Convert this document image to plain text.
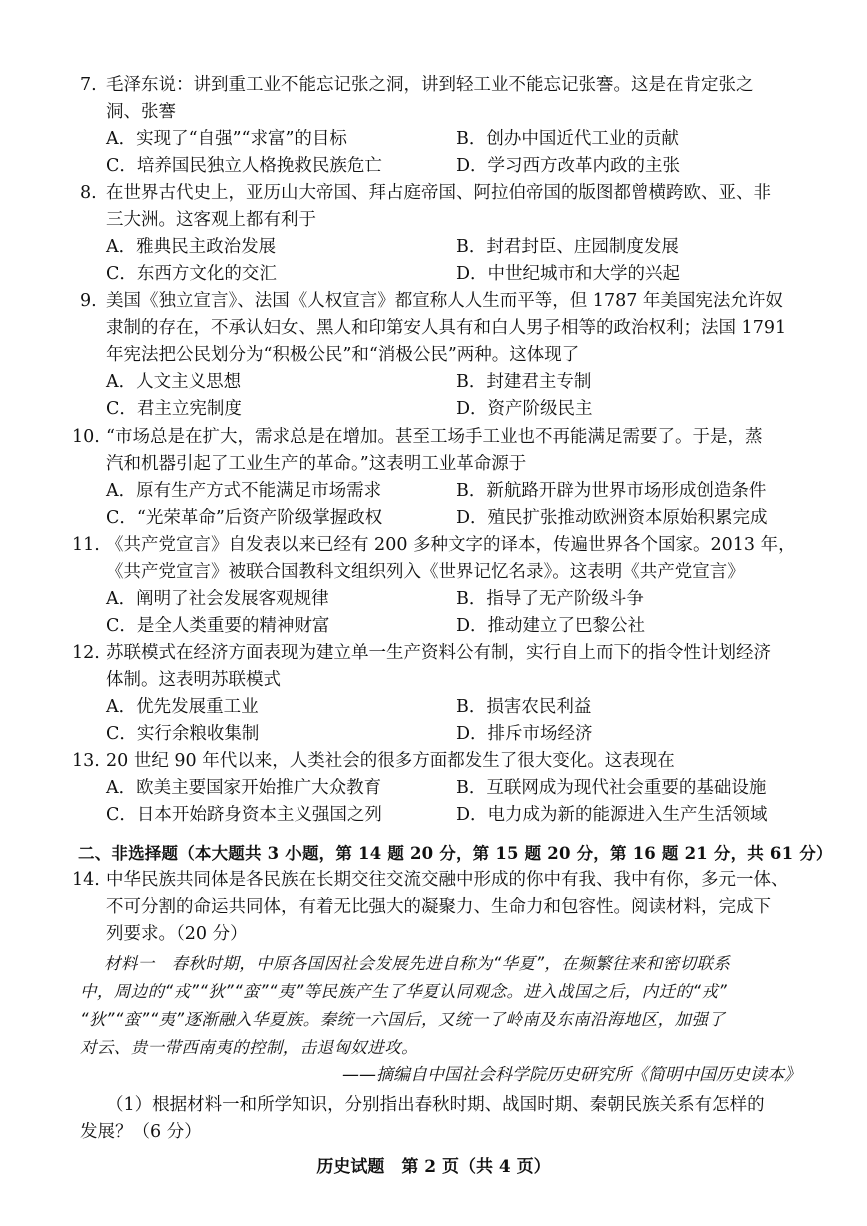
7. 毛泽东说：讲到重工业不能忘记张之洞，讲到轻工业不能忘记张謇。这是在肯定张之
洞、张謇
A．实现了“自强”“求富”的目标	B．创办中国近代工业的贡献
C．培养国民独立人格挽救民族危亡	D．学习西方改革内政的主张
8. 在世界古代史上，亚历山大帝国、拜占庭帝国、阿拉伯帝国的版图都曾横跨欧、亚、非
三大洲。这客观上都有利于
A．雅典民主政治发展	B．封君封臣、庄园制度发展
C．东西方文化的交汇	D．中世纪城市和大学的兴起
9. 美国《独立宣言》、法国《人权宣言》都宣称人人生而平等，但 1787 年美国宪法允许奴
隶制的存在，不承认妇女、黑人和印第安人具有和白人男子相等的政治权利；法国 1791
年宪法把公民划分为“积极公民”和“消极公民”两种。这体现了
A．人文主义思想	B．封建君主专制
C．君主立宪制度	D．资产阶级民主
10. “市场总是在扩大，需求总是在增加。甚至工场手工业也不再能满足需要了。于是，蒸
汽和机器引起了工业生产的革命。”这表明工业革命源于
A．原有生产方式不能满足市场需求	B．新航路开辟为世界市场形成创造条件
C．“光荣革命”后资产阶级掌握政权	D．殖民扩张推动欧洲资本原始积累完成
11. 《共产党宣言》自发表以来已经有 200 多种文字的译本，传遍世界各个国家。2013 年，
《共产党宣言》被联合国教科文组织列入《世界记忆名录》。这表明《共产党宣言》
A．阐明了社会发展客观规律	B．指导了无产阶级斗争
C．是全人类重要的精神财富	D．推动建立了巴黎公社
12. 苏联模式在经济方面表现为建立单一生产资料公有制，实行自上而下的指令性计划经济
体制。这表明苏联模式
A．优先发展重工业	B．损害农民利益
C．实行余粮收集制	D．排斥市场经济
13. 20 世纪 90 年代以来，人类社会的很多方面都发生了很大变化。这表现在
A．欧美主要国家开始推广大众教育	B．互联网成为现代社会重要的基础设施
C．日本开始跻身资本主义强国之列	D．电力成为新的能源进入生产生活领域
二、非选择题（本大题共 3 小题，第 14 题 20 分，第 15 题 20 分，第 16 题 21 分，共 61 分）
14. 中华民族共同体是各民族在长期交往交流交融中形成的你中有我、我中有你，多元一体、
不可分割的命运共同体，有着无比强大的凝聚力、生命力和包容性。阅读材料，完成下
列要求。（20 分）
材料一　春秋时期，中原各国因社会发展先进自称为“华夏”，在频繁往来和密切联系
中，周边的“戎”“狄”“蛮”“夷”等民族产生了华夏认同观念。进入战国之后，内迁的“戎”
“狄”“蛮”“夷”逐渐融入华夏族。秦统一六国后，又统一了岭南及东南沿海地区，加强了
对云、贵一带西南夷的控制，击退匈奴进攻。
——摘编自中国社会科学院历史研究所《简明中国历史读本》
（1）根据材料一和所学知识，分别指出春秋时期、战国时期、秦朝民族关系有怎样的
发展？（6 分）
历史试题　第 2 页（共 4 页）
